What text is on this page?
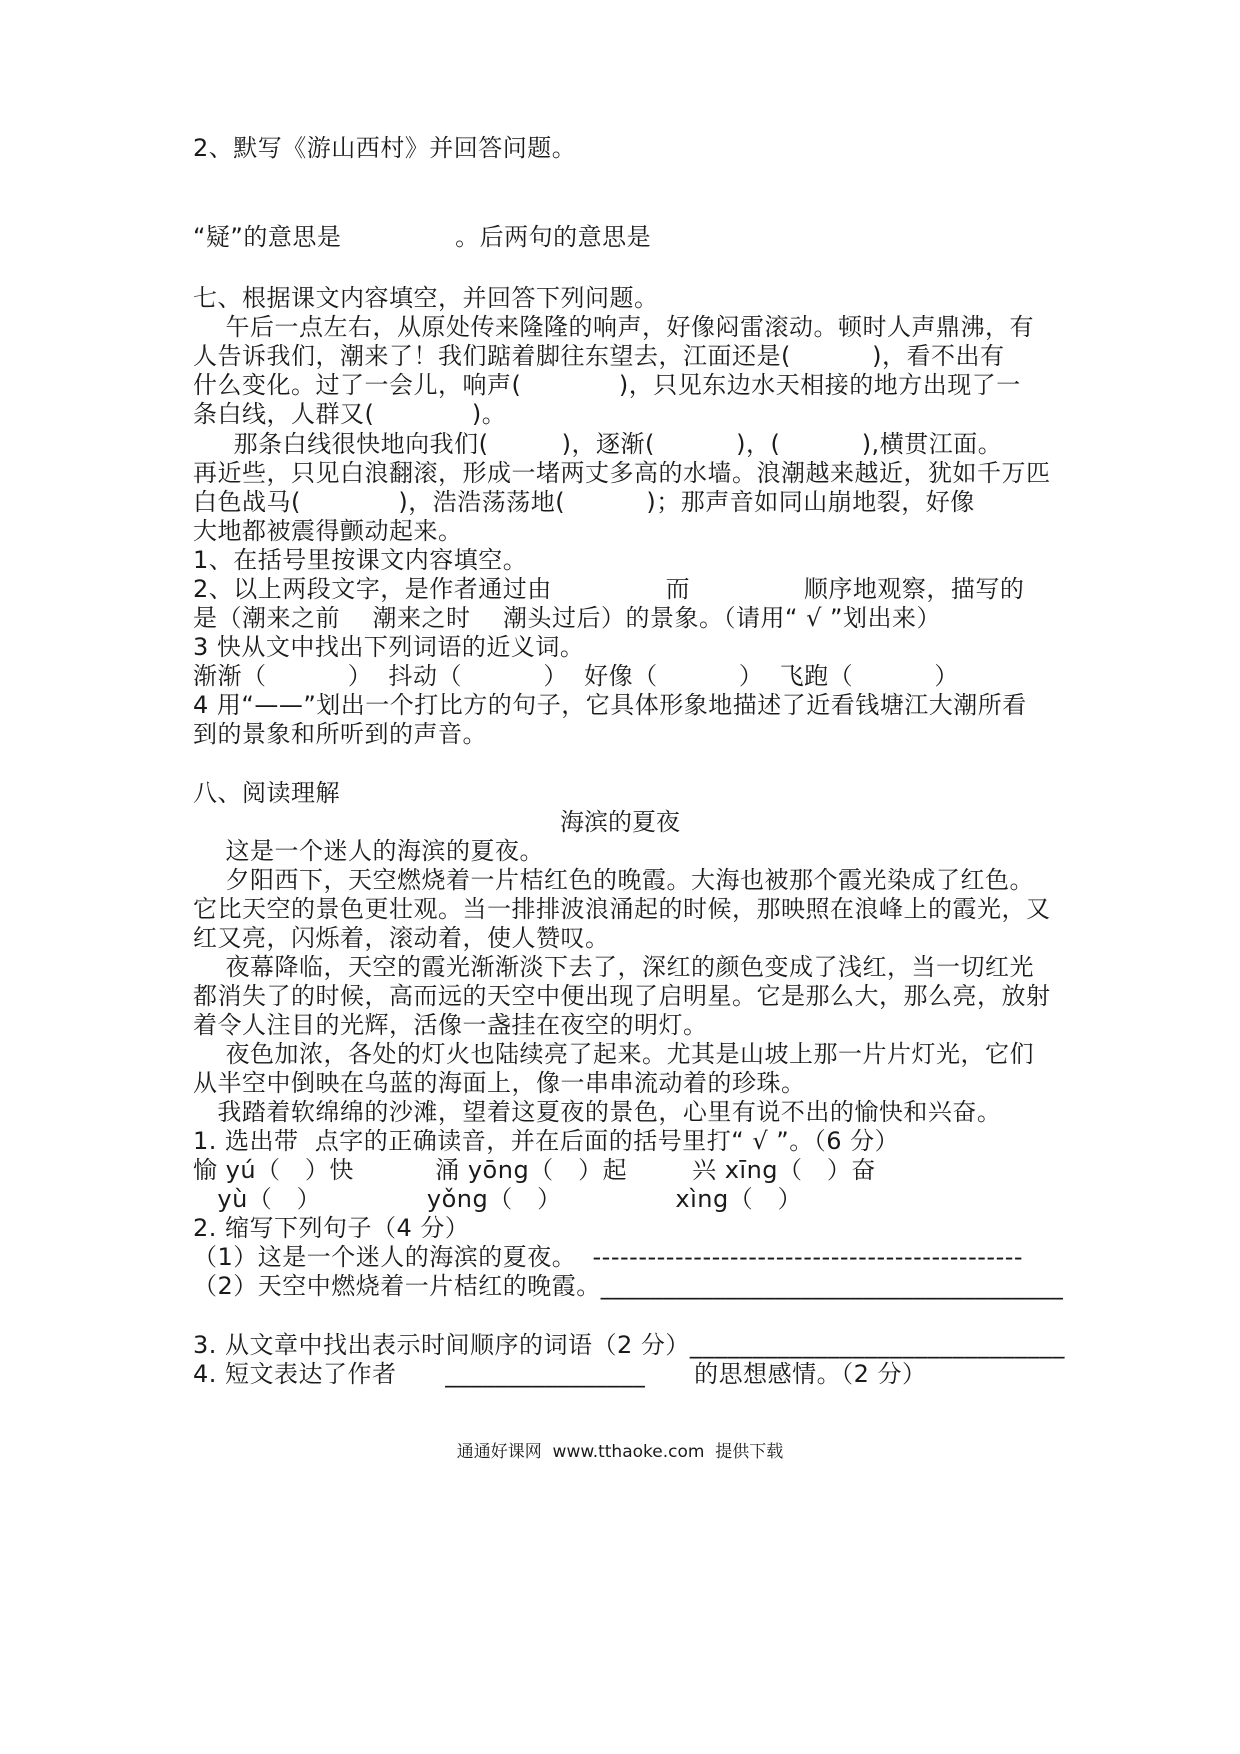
2、默写《游山西村》并回答问题。
“疑”的意思是              。后两句的意思是
七、根据课文内容填空，并回答下列问题。
午后一点左右，从原处传来隆隆的响声，好像闷雷滚动。顿时人声鼎沸，有
人告诉我们，潮来了！我们踮着脚往东望去，江面还是(          )，看不出有
什么变化。过了一会儿，响声(            )，只见东边水天相接的地方出现了一
条白线，人群又(            )。
那条白线很快地向我们(         )，逐渐(          )，(          ),横贯江面。
再近些，只见白浪翻滚，形成一堵两丈多高的水墙。浪潮越来越近，犹如千万匹
白色战马(            )，浩浩荡荡地(          )；那声音如同山崩地裂，好像
大地都被震得颤动起来。
1、在括号里按课文内容填空。
2、以上两段文字，是作者通过由              而              顺序地观察，描写的
是（潮来之前    潮来之时    潮头过后）的景象。（请用“ √ ”划出来）
3 快从文中找出下列词语的近义词。
渐渐（          ）  抖动（          ）  好像（          ）  飞跑（          ）
4 用“——”划出一个打比方的句子，它具体形象地描述了近看钱塘江大潮所看
到的景象和所听到的声音。
八、阅读理解
海滨的夏夜
这是一个迷人的海滨的夏夜。
夕阳西下，天空燃烧着一片桔红色的晚霞。大海也被那个霞光染成了红色。
它比天空的景色更壮观。当一排排波浪涌起的时候，那映照在浪峰上的霞光，又
红又亮，闪烁着，滚动着，使人赞叹。
夜幕降临，天空的霞光渐渐淡下去了，深红的颜色变成了浅红，当一切红光
都消失了的时候，高而远的天空中便出现了启明星。它是那么大，那么亮，放射
着令人注目的光辉，活像一盏挂在夜空的明灯。
夜色加浓，各处的灯火也陆续亮了起来。尤其是山坡上那一片片灯光，它们
从半空中倒映在乌蓝的海面上，像一串串流动着的珍珠。
我踏着软绵绵的沙滩，望着这夏夜的景色，心里有说不出的愉快和兴奋。
1. 选出带  点字的正确读音，并在后面的括号里打“ √ ”。（6 分）
愉 yú（   ）快          涌 yōng（   ）起        兴 xīng（   ）奋
yù（   ）             yǒng（   ）              xìng（   ）
2. 缩写下列句子（4 分）
（1）这是一个迷人的海滨的夏夜。  -----------------------------------------------
（2）天空中燃烧着一片桔红的晚霞。_____________________________________
3. 从文章中找出表示时间顺序的词语（2 分）______________________________
4. 短文表达了作者      ________________      的思想感情。（2 分）
通通好课网  www.tthaoke.com  提供下载
